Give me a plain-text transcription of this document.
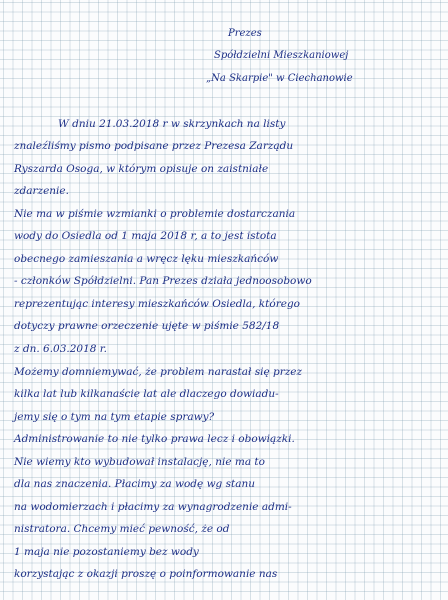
Prezes
Spółdzielni Mieszkaniowej
„Na Skarpie" w Ciechanowie
W dniu 21.03.2018 r w skrzynkach na listy
znaleźliśmy pismo podpisane przez Prezesa Zarządu
Ryszarda Osoga, w którym opisuje on zaistniałe
zdarzenie.
Nie ma w piśmie wzmianki o problemie dostarczania
wody do Osiedla od 1 maja 2018 r, a to jest istota
obecnego zamieszania a wręcz lęku mieszkańców
- członków Spółdzielni. Pan Prezes działa jednoosobowo
reprezentując interesy mieszkańców Osiedla, którego
dotyczy prawne orzeczenie ujęte w piśmie 582/18
z dn. 6.03.2018 r.
Możemy domniemywać, że problem narastał się przez
kilka lat lub kilkanaście lat ale dlaczego dowiadu-
jemy się o tym na tym etapie sprawy?
Administrowanie to nie tylko prawa lecz i obowiązki.
Nie wiemy kto wybudował instalację, nie ma to
dla nas znaczenia. Płacimy za wodę wg stanu
na wodomierzach i płacimy za wynagrodzenie admi-
nistratora. Chcemy mieć pewność, że od
1 maja nie pozostaniemy bez wody
korzystając z okazji proszę o poinformowanie nas
